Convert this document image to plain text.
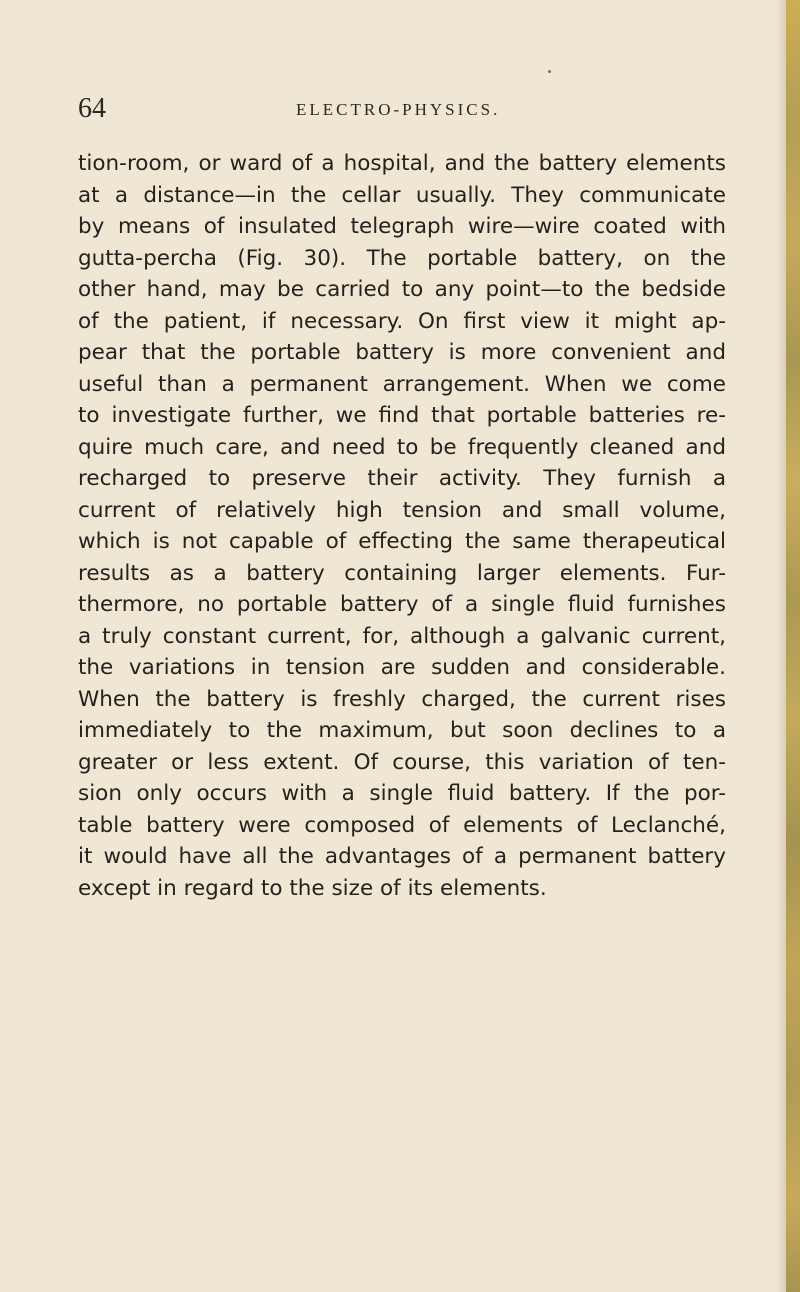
64	ELECTRO-PHYSICS.
tion-room, or ward of a hospital, and the battery elements
at a distance—in the cellar usually. They communicate
by means of insulated telegraph wire—wire coated with
gutta-percha (Fig. 30). The portable battery, on the
other hand, may be carried to any point—to the bedside
of the patient, if necessary. On first view it might ap-
pear that the portable battery is more convenient and
useful than a permanent arrangement. When we come
to investigate further, we find that portable batteries re-
quire much care, and need to be frequently cleaned and
recharged to preserve their activity. They furnish a
current of relatively high tension and small volume,
which is not capable of effecting the same therapeutical
results as a battery containing larger elements. Fur-
thermore, no portable battery of a single fluid furnishes
a truly constant current, for, although a galvanic current,
the variations in tension are sudden and considerable.
When the battery is freshly charged, the current rises
immediately to the maximum, but soon declines to a
greater or less extent. Of course, this variation of ten-
sion only occurs with a single fluid battery. If the por-
table battery were composed of elements of Leclanché,
it would have all the advantages of a permanent battery
except in regard to the size of its elements.
